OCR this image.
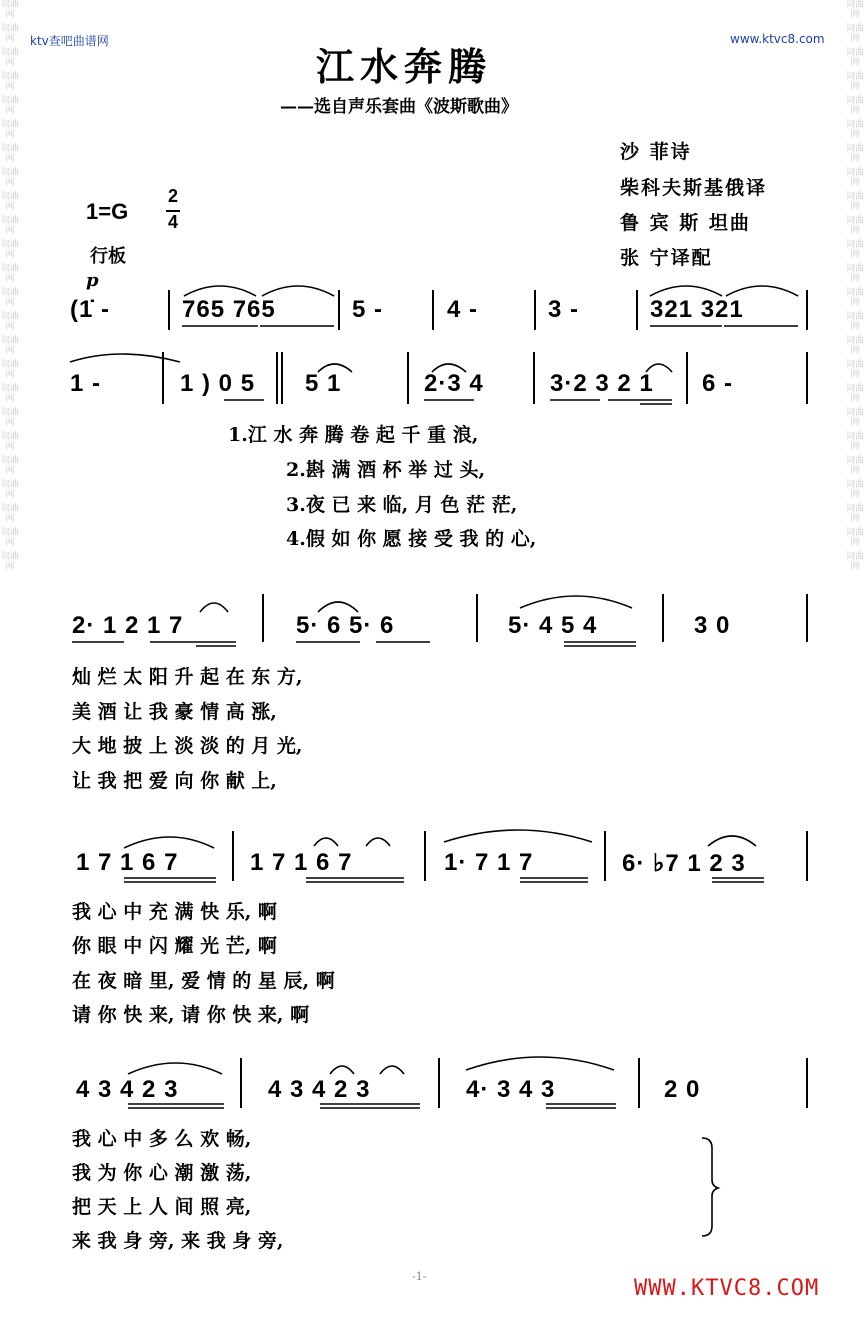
词曲网
词曲网
词曲网
词曲网
词曲网
词曲网
词曲网
词曲网
词曲网
词曲网
词曲网
词曲网
词曲网
词曲网
词曲网
词曲网
词曲网
词曲网
词曲网
词曲网
词曲网
词曲网
词曲网
词曲网
词曲网
词曲网
词曲网
词曲网
词曲网
词曲网
词曲网
词曲网
词曲网
词曲网
词曲网
词曲网
词曲网
词曲网
词曲网
词曲网
词曲网
词曲网
词曲网
词曲网
词曲网
词曲网
词曲网
词曲网
ktv查吧曲谱网	www.ktvc8.com
江水奔腾
——选自声乐套曲《波斯歌曲》
沙 菲诗
柴科夫斯基俄译
鲁 宾 斯 坦曲
张 宁译配
1=G
2
4
行板
p
(1̇ -	765 765	5 -	4 -	3 -	321 321
1 -	1 ) 0 5 5 1	2·3 4	3·2 3 2 1 6 -
1.江 水 奔 腾 卷 起 千 重 浪,
2.斟 满 酒 杯 举 过 头,
3.夜 已 来 临, 月 色 茫 茫,
4.假 如 你 愿 接 受 我 的 心,
2· 1 2 1 7	5· 6 5· 6	5· 4 5 4	3 0
灿 烂 太 阳 升 起 在 东 方,
美 酒 让 我 豪 情 高 涨,
大 地 披 上 淡 淡 的 月 光,
让 我 把 爱 向 你 献 上,
1 7 1 6 7	1 7 1 6 7	1· 7 1 7	6· ♭7 1 2 3
我 心 中 充 满 快 乐, 啊
你 眼 中 闪 耀 光 芒, 啊
在 夜 暗 里, 爱 情 的 星 辰, 啊
请 你 快 来, 请 你 快 来, 啊
4 3 4 2 3	4 3 4 2 3	4· 3 4 3	2 0
我 心 中 多 么 欢 畅,
我 为 你 心 潮 激 荡,
把 天 上 人 间 照 亮,
来 我 身 旁, 来 我 身 旁,
-1-	WWW.KTVC8.COM
